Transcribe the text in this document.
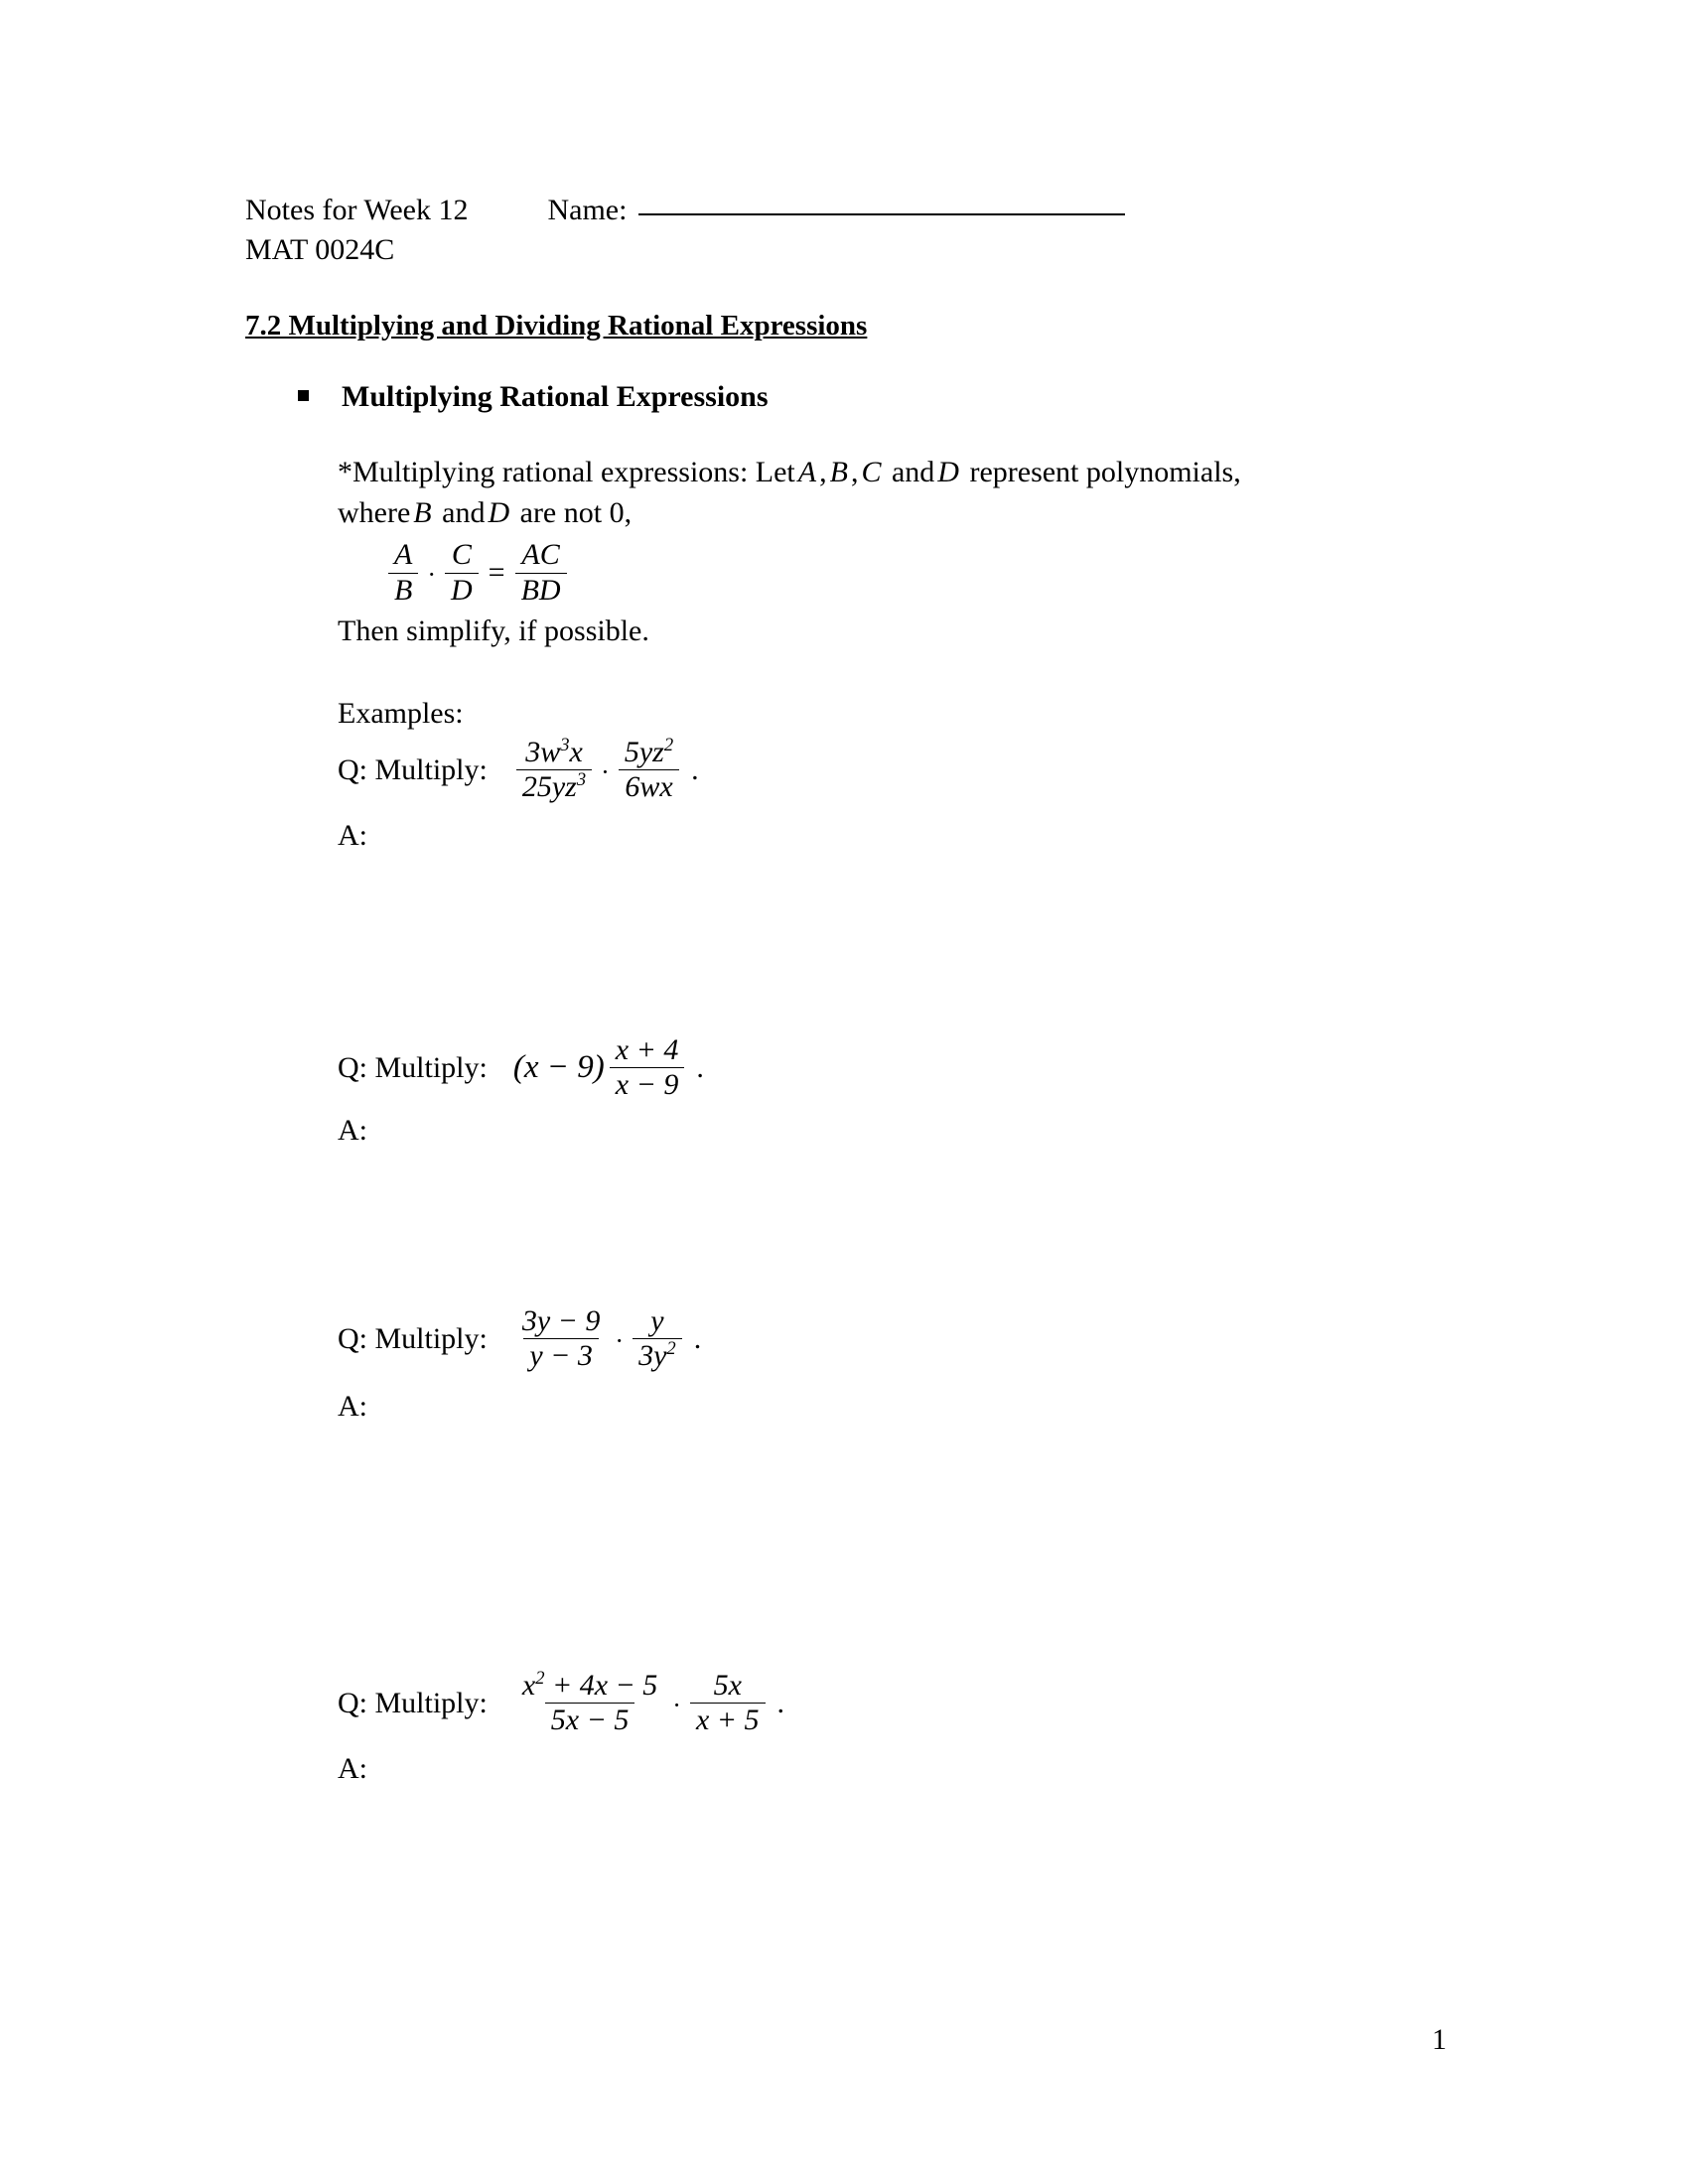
Notes for Week 12	Name:
MAT 0024C
7.2 Multiplying and Dividing Rational Expressions
Multiplying Rational Expressions
*Multiplying rational expressions: Let A , B , C and D represent polynomials,
where B and D are not 0,
$\frac{A}{B} \cdot \frac{C}{D} = \frac{AC}{BD}$
Then simplify, if possible.
Examples:
Q: Multiply: $\frac{3w^3x}{25yz^3} \cdot \frac{5yz^2}{6wx}$ .
A:
Q: Multiply: $(x - 9) \frac{x + 4}{x - 9}$ .
A:
Q: Multiply: $\frac{3y - 9}{y - 3} \cdot \frac{y}{3y^2}$ .
A:
Q: Multiply: $\frac{x^2 + 4x - 5}{5x - 5} \cdot \frac{5x}{x + 5}$ .
A:
1
